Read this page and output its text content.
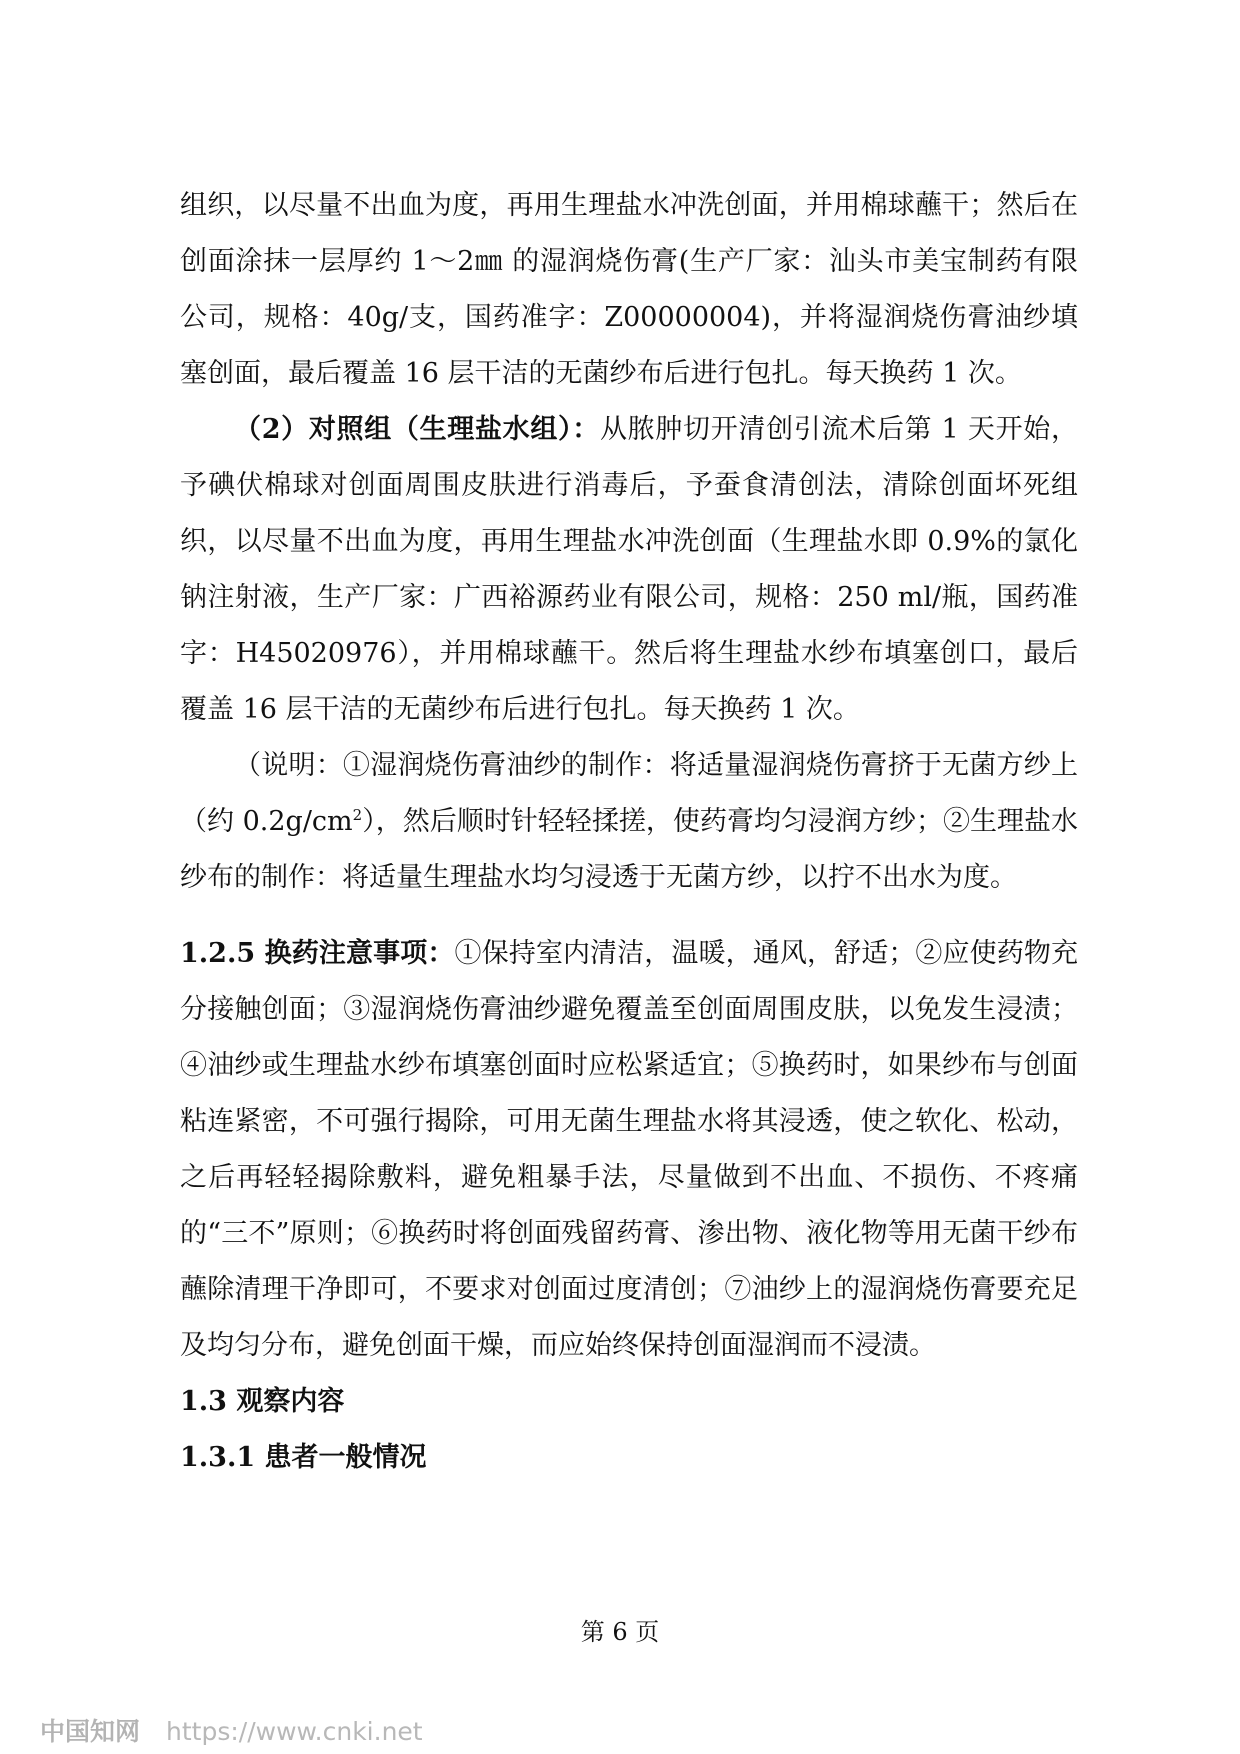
组织，以尽量不出血为度，再用生理盐水冲洗创面，并用棉球蘸干；然后在创面涂抹一层厚约 1～2㎜ 的湿润烧伤膏(生产厂家：汕头市美宝制药有限公司，规格：40g/支，国药准字：Z00000004)，并将湿润烧伤膏油纱填塞创面，最后覆盖 16 层干洁的无菌纱布后进行包扎。每天换药 1 次。

（2）对照组（生理盐水组）：从脓肿切开清创引流术后第 1 天开始，予碘伏棉球对创面周围皮肤进行消毒后，予蚕食清创法，清除创面坏死组织，以尽量不出血为度，再用生理盐水冲洗创面（生理盐水即 0.9%的氯化钠注射液，生产厂家：广西裕源药业有限公司，规格：250 ml/瓶，国药准字：H45020976），并用棉球蘸干。然后将生理盐水纱布填塞创口，最后覆盖 16 层干洁的无菌纱布后进行包扎。每天换药 1 次。

（说明：①湿润烧伤膏油纱的制作：将适量湿润烧伤膏挤于无菌方纱上（约 $0.2g/cm^2$），然后顺时针轻轻揉搓，使药膏均匀浸润方纱；②生理盐水纱布的制作：将适量生理盐水均匀浸透于无菌方纱，以拧不出水为度。

1.2.5 换药注意事项：①保持室内清洁，温暖，通风，舒适；②应使药物充分接触创面；③湿润烧伤膏油纱避免覆盖至创面周围皮肤，以免发生浸渍；④油纱或生理盐水纱布填塞创面时应松紧适宜；⑤换药时，如果纱布与创面粘连紧密，不可强行揭除，可用无菌生理盐水将其浸透，使之软化、松动，之后再轻轻揭除敷料，避免粗暴手法，尽量做到不出血、不损伤、不疼痛的“三不”原则；⑥换药时将创面残留药膏、渗出物、液化物等用无菌干纱布蘸除清理干净即可，不要求对创面过度清创；⑦油纱上的湿润烧伤膏要充足及均匀分布，避免创面干燥，而应始终保持创面湿润而不浸渍。

1.3 观察内容

1.3.1 患者一般情况

第 6 页
中国知网 https://www.cnki.net
